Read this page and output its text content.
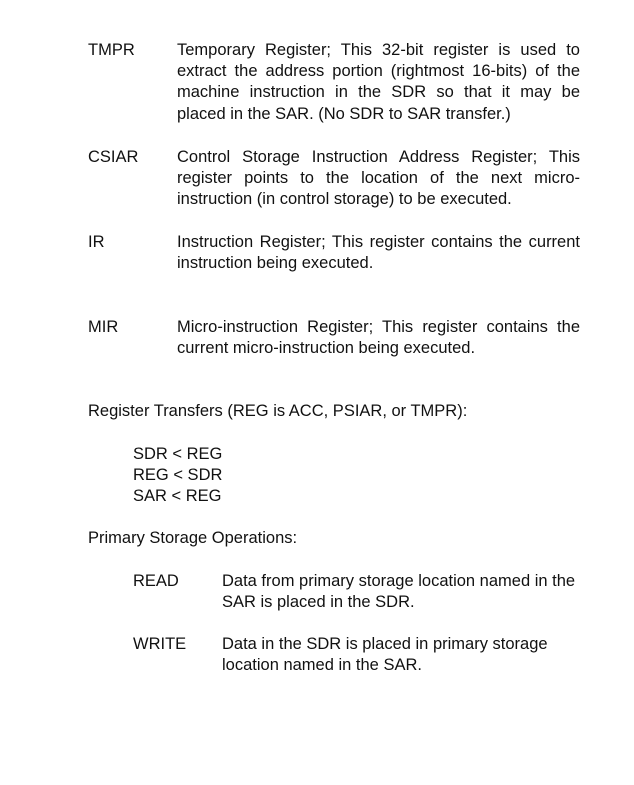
TMPR	Temporary Register; This 32-bit register is used to extract the address portion (rightmost 16-bits) of the machine instruction in the SDR so that it may be placed in the SAR. (No SDR to SAR transfer.)
CSIAR	Control Storage Instruction Address Register; This register points to the location of the next micro-instruction (in control storage) to be executed.
IR	Instruction Register; This register contains the current instruction being executed.
MIR	Micro-instruction Register; This register contains the current micro-instruction being executed.
Register Transfers (REG is ACC, PSIAR, or TMPR):
SDR < REG
REG < SDR
SAR < REG
Primary Storage Operations:
READ	Data from primary storage location named in the SAR is placed in the SDR.
WRITE	Data in the SDR is placed in primary storage location named in the SAR.
